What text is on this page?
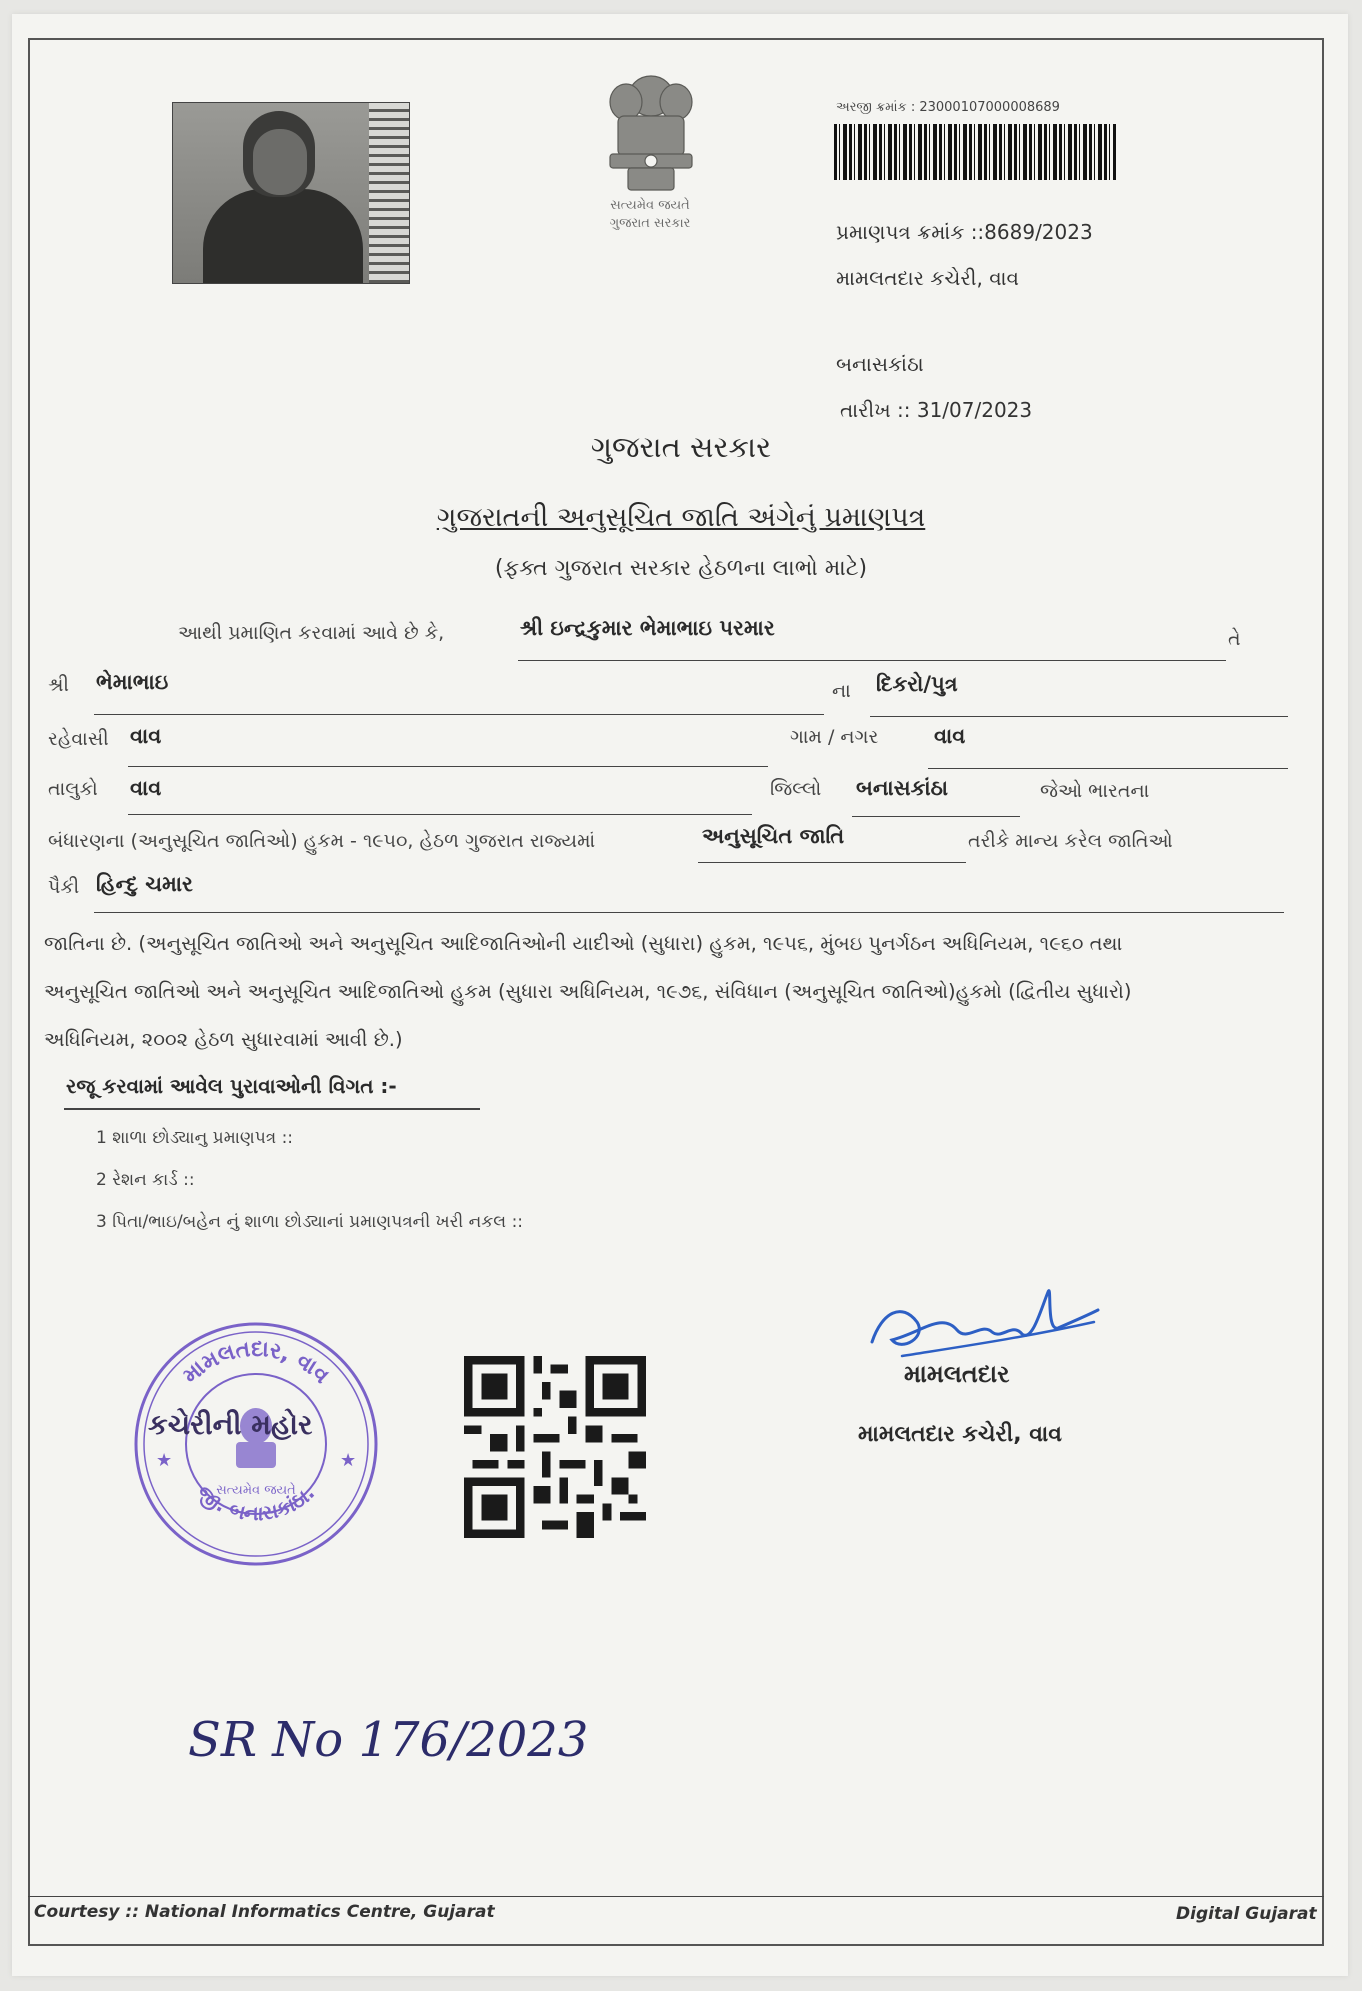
સત્યમેવ જયતે
ગુજરાત સરકાર
અરજી ક્રમાંક : 23000107000008689
પ્રમાણપત્ર ક્રમાંક ::8689/2023
મામલતદાર કચેરી, વાવ
બનાસકાંઠા
તારીખ :: 31/07/2023
ગુજરાત સરકાર
ગુજરાતની અનુસૂચિત જાતિ અંગેનું પ્રમાણપત્ર
(ફક્ત ગુજરાત સરકાર હેઠળના લાભો માટે)
આથી પ્રમાણિત કરવામાં આવે છે કે,	શ્રી ઇન્દ્રકુમાર ભેમાભાઇ પરમાર	તે
શ્રી ભેમાભાઇ	ના દિકરો/પુત્ર
રહેવાસી વાવ	ગામ / નગર	વાવ
તાલુકો વાવ	જિલ્લો બનાસકાંઠા	જેઓ ભારતના
બંધારણના (અનુસૂચિત જાતિઓ) હુકમ - ૧૯૫૦, હેઠળ ગુજરાત રાજ્યમાં	અનુસૂચિત જાતિ	તરીકે માન્ય કરેલ જાતિઓ
પૈકી હિન્દુ ચમાર
જાતિના છે. (અનુસૂચિત જાતિઓ અને અનુસૂચિત આદિજાતિઓની યાદીઓ (સુધારા) હુકમ, ૧૯૫૬, મુંબઇ પુનર્ગઠન અધિનિયમ, ૧૯૬૦ તથા
અનુસૂચિત જાતિઓ અને અનુસૂચિત આદિજાતિઓ હુકમ (સુધારા અધિનિયમ, ૧૯૭૬, સંવિધાન (અનુસૂચિત જાતિઓ)હુકમો (દ્વિતીય સુધારો)
અધિનિયમ, ૨૦૦૨ હેઠળ સુધારવામાં આવી છે.)
રજૂ કરવામાં આવેલ પુરાવાઓની વિગત :-
1 શાળા છોડ્યાનુ પ્રમાણપત્ર ::
2 રેશન કાર્ડ ::
3 પિતા/ભાઇ/બહેન નું શાળા છોડ્યાનાં પ્રમાણપત્રની ખરી નકલ ::
મામલતદાર, વાવ
જી. બનાસકાંઠા.
કચેરીની મહોર
સત્યમેવ જયતે
★	★
મામલતદાર
મામલતદાર કચેરી, વાવ
SR No 176/2023
Courtesy :: National Informatics Centre, Gujarat	Digital Gujarat
